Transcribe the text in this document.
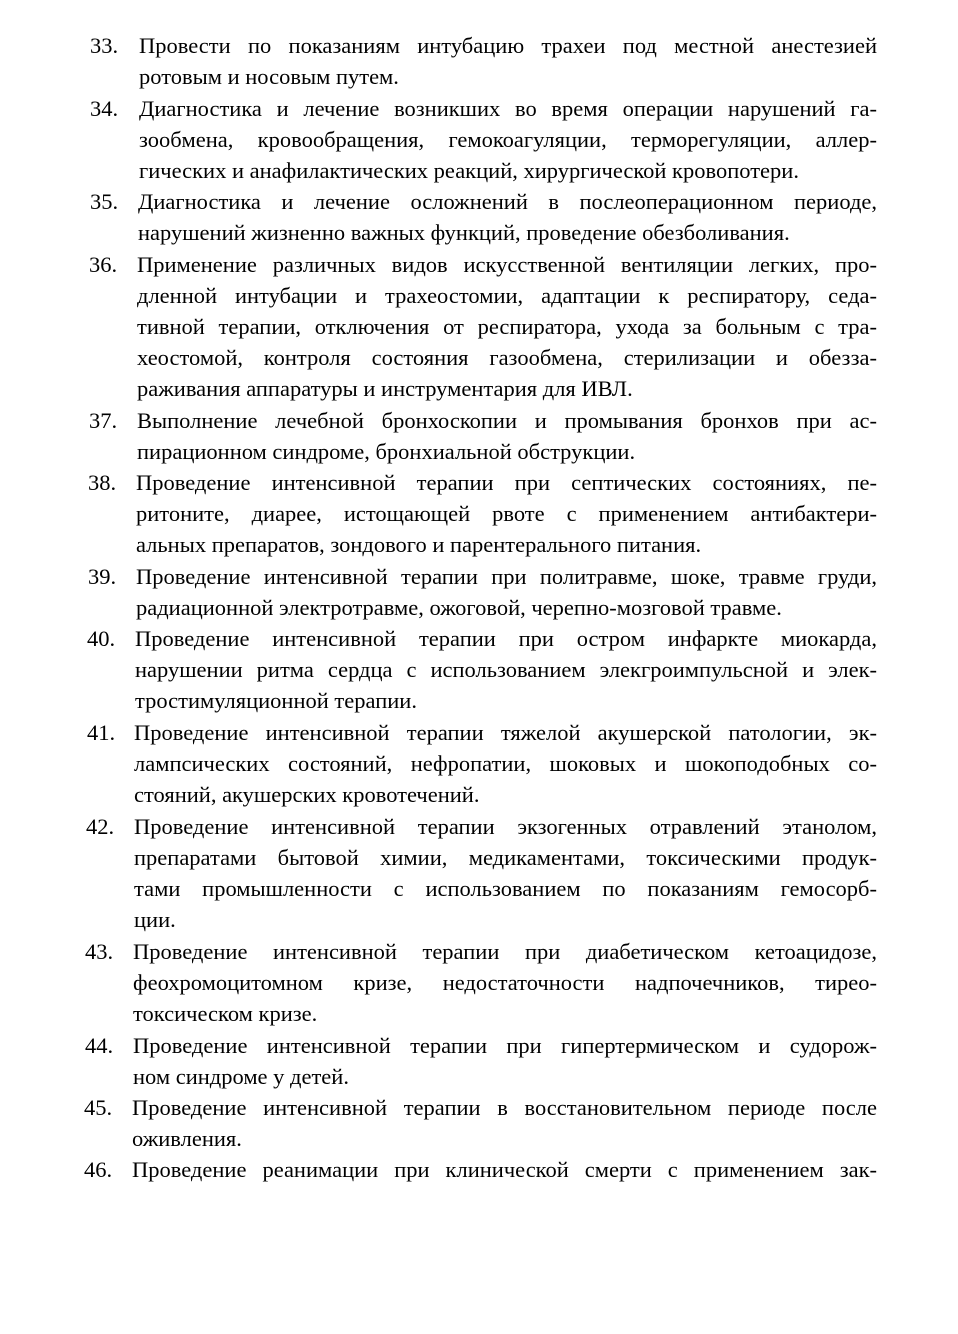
33. Провести по показаниям интубацию трахеи под местной анестезией
ротовым и носовым путем.
34. Диагностика и лечение возникших во время операции нарушений га-
зообмена, кровообращения, гемокоагуляции, терморегуляции, аллер-
гических и анафилактических реакций, хирургической кровопотери.
35. Диагностика и лечение осложнений в послеоперационном периоде,
нарушений жизненно важных функций, проведение обезболивания.
36. Применение различных видов искусственной вентиляции легких, про-
дленной интубации и трахеостомии, адаптации к респиратору, седа-
тивной терапии, отключения от респиратора, ухода за больным с тра-
хеостомой, контроля состояния газообмена, стерилизации и обезза-
раживания аппаратуры и инструментария для ИВЛ.
37. Выполнение лечебной бронхоскопии и промывания бронхов при ас-
пирационном синдроме, бронхиальной обструкции.
38. Проведение интенсивной терапии при септических состояниях, пе-
ритоните, диарее, истощающей рвоте с применением антибактери-
альных препаратов, зондового и парентерального питания.
39. Проведение интенсивной терапии при политравме, шоке, травме груди,
радиационной электротравме, ожоговой, черепно-мозговой травме.
40. Проведение интенсивной терапии при остром инфаркте миокарда,
нарушении ритма сердца с использованием элекгроимпульсной и элек-
тростимуляционной терапии.
41. Проведение интенсивной терапии тяжелой акушерской патологии, эк-
лампсических состояний, нефропатии, шоковых и шокоподобных со-
стояний, акушерских кровотечений.
42. Проведение интенсивной терапии экзогенных отравлений этанолом,
препаратами бытовой химии, медикаментами, токсическими продук-
тами промышленности с использованием по показаниям гемосорб-
ции.
43. Проведение интенсивной терапии при диабетическом кетоацидозе,
феохромоцитомном кризе, недостаточности надпочечников, тирео-
токсическом кризе.
44. Проведение интенсивной терапии при гипертермическом и судорож-
ном синдроме у детей.
45. Проведение интенсивной терапии в восстановительном периоде после
оживления.
46. Проведение реанимации при клинической смерти с применением зак-
